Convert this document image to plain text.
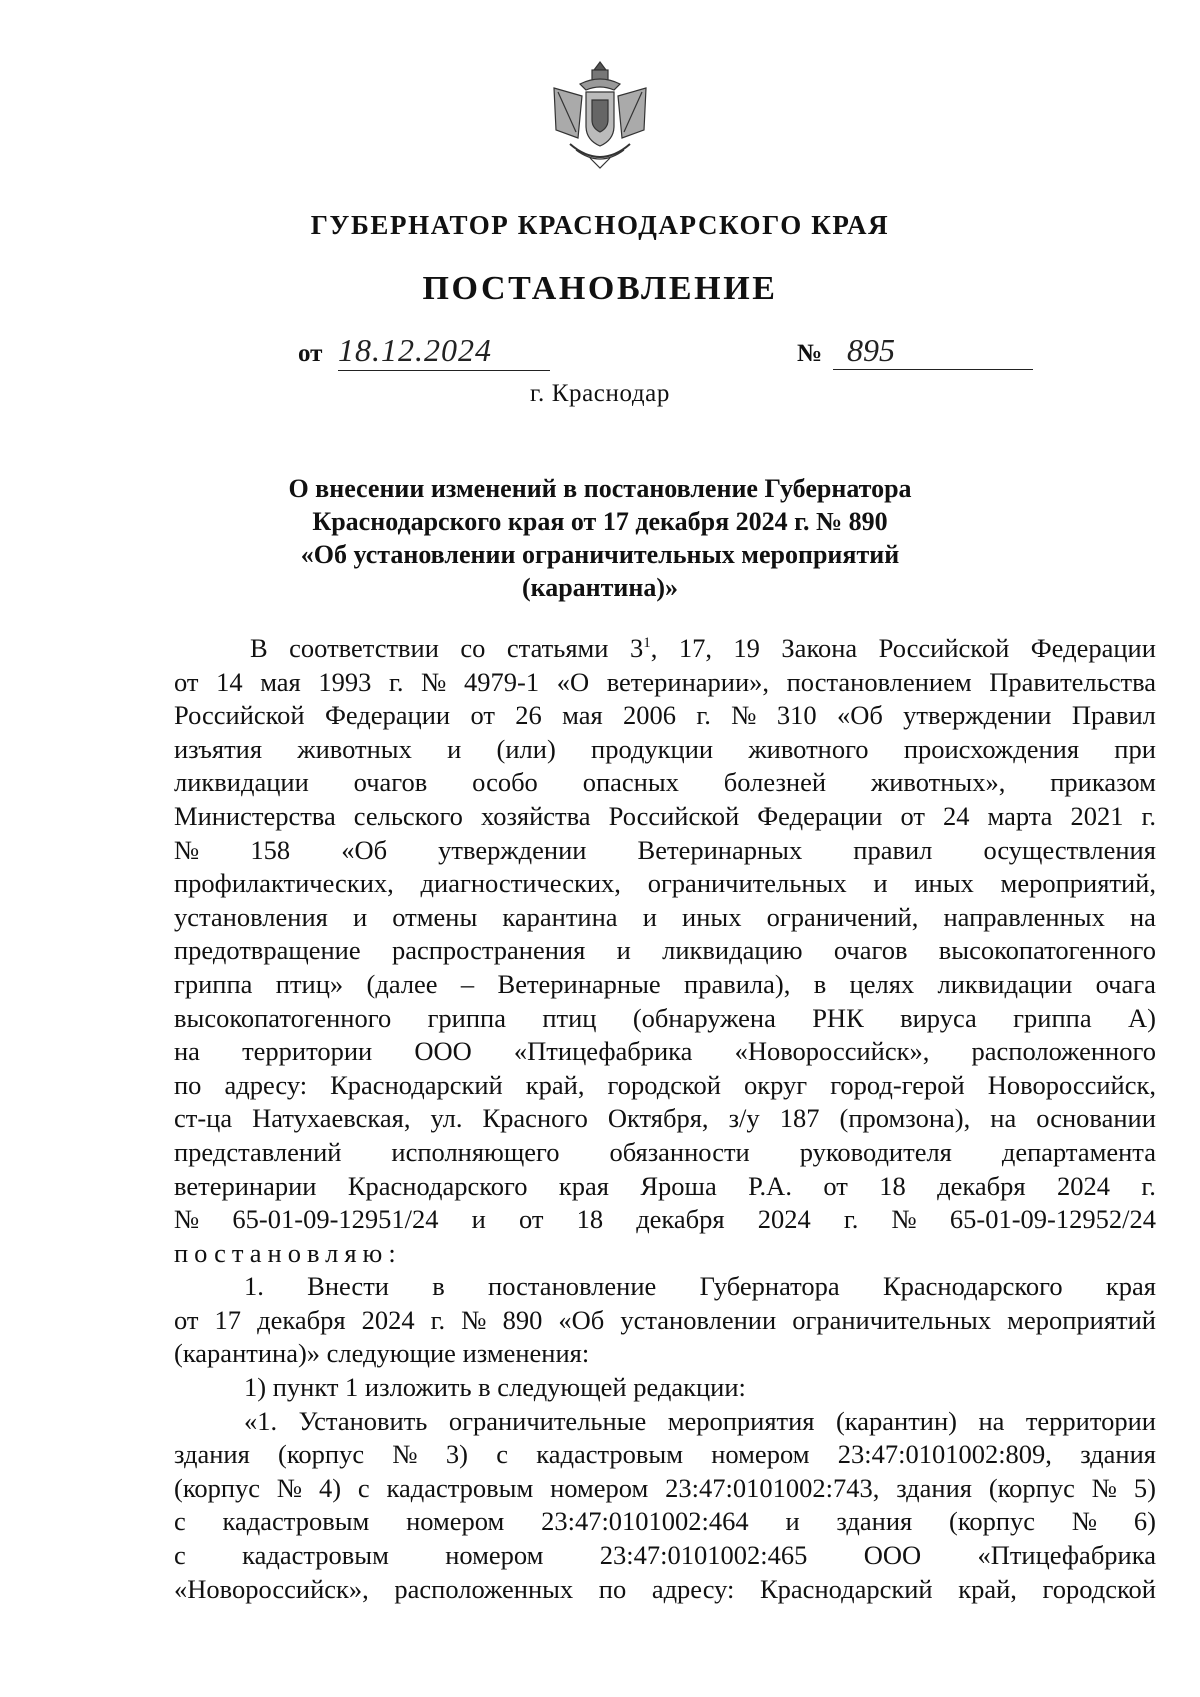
ГУБЕРНАТОР КРАСНОДАРСКОГО КРАЯ
ПОСТАНОВЛЕНИЕ
от 18.12.2024	№ 895
г. Краснодар
О внесении изменений в постановление Губернатора
Краснодарского края от 17 декабря 2024 г. № 890
«Об установлении ограничительных мероприятий
(карантина)»
В соответствии со статьями $3^1$, 17, 19 Закона Российской Федерации
от 14 мая 1993 г. № 4979-1 «О ветеринарии», постановлением Правительства
Российской Федерации от 26 мая 2006 г. № 310 «Об утверждении Правил
изъятия животных и (или) продукции животного происхождения при
ликвидации очагов особо опасных болезней животных», приказом
Министерства сельского хозяйства Российской Федерации от 24 марта 2021 г.
№ 158 «Об утверждении Ветеринарных правил осуществления
профилактических, диагностических, ограничительных и иных мероприятий,
установления и отмены карантина и иных ограничений, направленных на
предотвращение распространения и ликвидацию очагов высокопатогенного
гриппа птиц» (далее – Ветеринарные правила), в целях ликвидации очага
высокопатогенного гриппа птиц (обнаружена РНК вируса гриппа А)
на территории ООО «Птицефабрика «Новороссийск», расположенного
по адресу: Краснодарский край, городской округ город-герой Новороссийск,
ст-ца Натухаевская, ул. Красного Октября, з/у 187 (промзона), на основании
представлений исполняющего обязанности руководителя департамента
ветеринарии Краснодарского края Яроша Р.А. от 18 декабря 2024 г.
№ 65-01-09-12951/24 и от 18 декабря 2024 г. № 65-01-09-12952/24
постановляю:
1. Внести в постановление Губернатора Краснодарского края
от 17 декабря 2024 г. № 890 «Об установлении ограничительных мероприятий
(карантина)» следующие изменения:
1) пункт 1 изложить в следующей редакции:
«1. Установить ограничительные мероприятия (карантин) на территории
здания (корпус № 3) с кадастровым номером 23:47:0101002:809, здания
(корпус № 4) с кадастровым номером 23:47:0101002:743, здания (корпус № 5)
с кадастровым номером 23:47:0101002:464 и здания (корпус № 6)
с кадастровым номером 23:47:0101002:465 ООО «Птицефабрика
«Новороссийск», расположенных по адресу: Краснодарский край, городской
